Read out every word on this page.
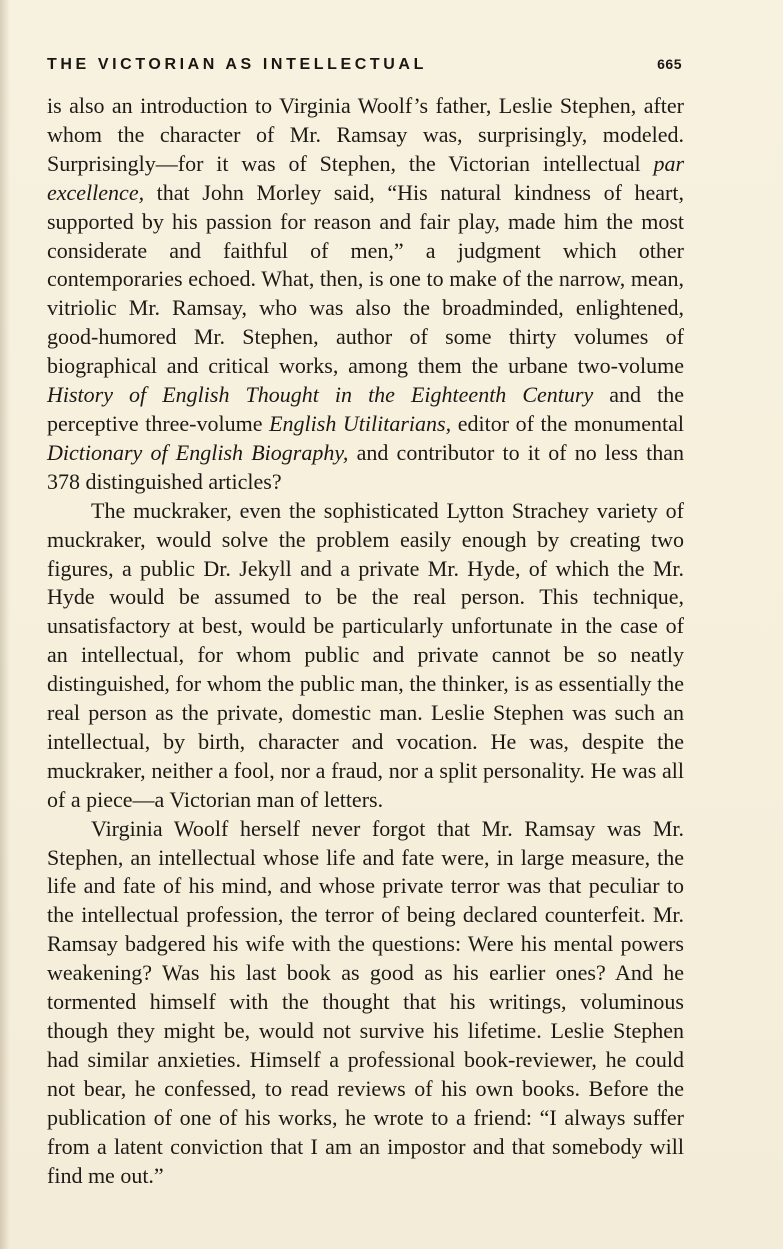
THE VICTORIAN AS INTELLECTUAL	665

is also an introduction to Virginia Woolf’s father, Leslie Stephen, after whom the character of Mr. Ramsay was, surprisingly, modeled. Surprisingly—for it was of Stephen, the Victorian intellectual par excellence, that John Morley said, “His natural kindness of heart, supported by his passion for reason and fair play, made him the most considerate and faithful of men,” a judgment which other contemporaries echoed. What, then, is one to make of the narrow, mean, vitriolic Mr. Ramsay, who was also the broadminded, enlightened, good-humored Mr. Stephen, author of some thirty volumes of biographical and critical works, among them the urbane two-volume History of English Thought in the Eighteenth Century and the perceptive three-volume English Utilitarians, editor of the monumental Dictionary of English Biography, and contributor to it of no less than 378 distinguished articles?

The muckraker, even the sophisticated Lytton Strachey variety of muckraker, would solve the problem easily enough by creating two figures, a public Dr. Jekyll and a private Mr. Hyde, of which the Mr. Hyde would be assumed to be the real person. This technique, unsatisfactory at best, would be particularly unfortunate in the case of an intellectual, for whom public and private cannot be so neatly distinguished, for whom the public man, the thinker, is as essentially the real person as the private, domestic man. Leslie Stephen was such an intellectual, by birth, character and vocation. He was, despite the muckraker, neither a fool, nor a fraud, nor a split personality. He was all of a piece—a Victorian man of letters.

Virginia Woolf herself never forgot that Mr. Ramsay was Mr. Stephen, an intellectual whose life and fate were, in large measure, the life and fate of his mind, and whose private terror was that peculiar to the intellectual profession, the terror of being declared counterfeit. Mr. Ramsay badgered his wife with the questions: Were his mental powers weakening? Was his last book as good as his earlier ones? And he tormented himself with the thought that his writings, voluminous though they might be, would not survive his lifetime. Leslie Stephen had similar anxieties. Himself a professional book-reviewer, he could not bear, he confessed, to read reviews of his own books. Before the publication of one of his works, he wrote to a friend: “I always suffer from a latent conviction that I am an impostor and that somebody will find me out.”
